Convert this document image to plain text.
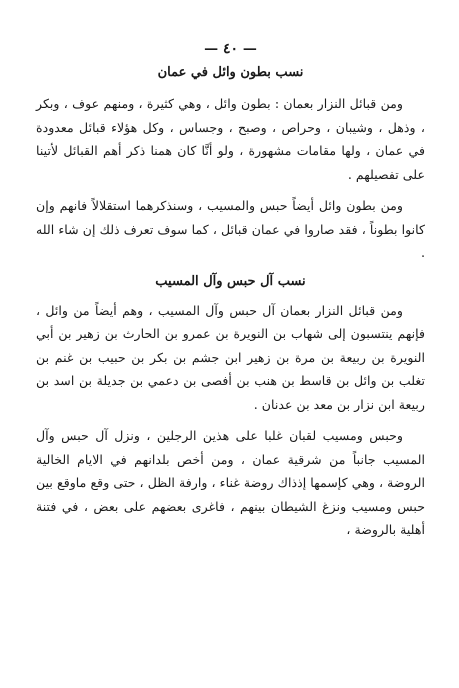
— ٤٠ —
نسب بطون وائل في عمان

ومن قبائل النزار بعمان : بطون وائل ، وهي كثيرة ، ومنهم عوف ، وبكر ، وذهل ، وشيبان ، وحراص ، وصبح ، وجساس ، وكل هؤلاء قبائل معدودة في عمان ، ولها مقامات مشهورة ، ولو أنَّا كان همنا ذكر أهم القبائل لأتينا على تفصيلهم .

ومن بطون وائل أيضاً حبس والمسيب ، وسنذكرهما استقلالاً فانهم وإن كانوا بطوناً ، فقد صاروا في عمان قبائل ، كما سوف تعرف ذلك إن شاء الله .

نسب آل حبس وآل المسيب

ومن قبائل النزار بعمان آل حبس وآل المسيب ، وهم أيضاً من وائل ، فإنهم ينتسبون إلى شهاب بن النويرة بن عمرو بن الحارث بن زهير بن أبي النويرة بن ربيعة بن مرة بن زهير ابن جشم بن بكر بن حبيب بن غنم بن تغلب بن وائل بن قاسط بن هنب بن أفصى بن دعمي بن جديلة بن اسد بن ربيعة ابن نزار بن معد بن عدنان .

وحبس ومسيب لقبان غلبا على هذين الرجلين ، ونزل آل حبس وآل المسيب جانباً من شرقية عمان ، ومن أخص بلدانهم في الايام الخالية الروضة ، وهي كإسمها إذذاك روضة غناء ، وارفة الظل ، حتى وقع ماوقع بين حبس ومسيب ونزغ الشيطان بينهم ، فاغرى بعضهم على بعض ، في فتنة أهلية بالروضة ،
